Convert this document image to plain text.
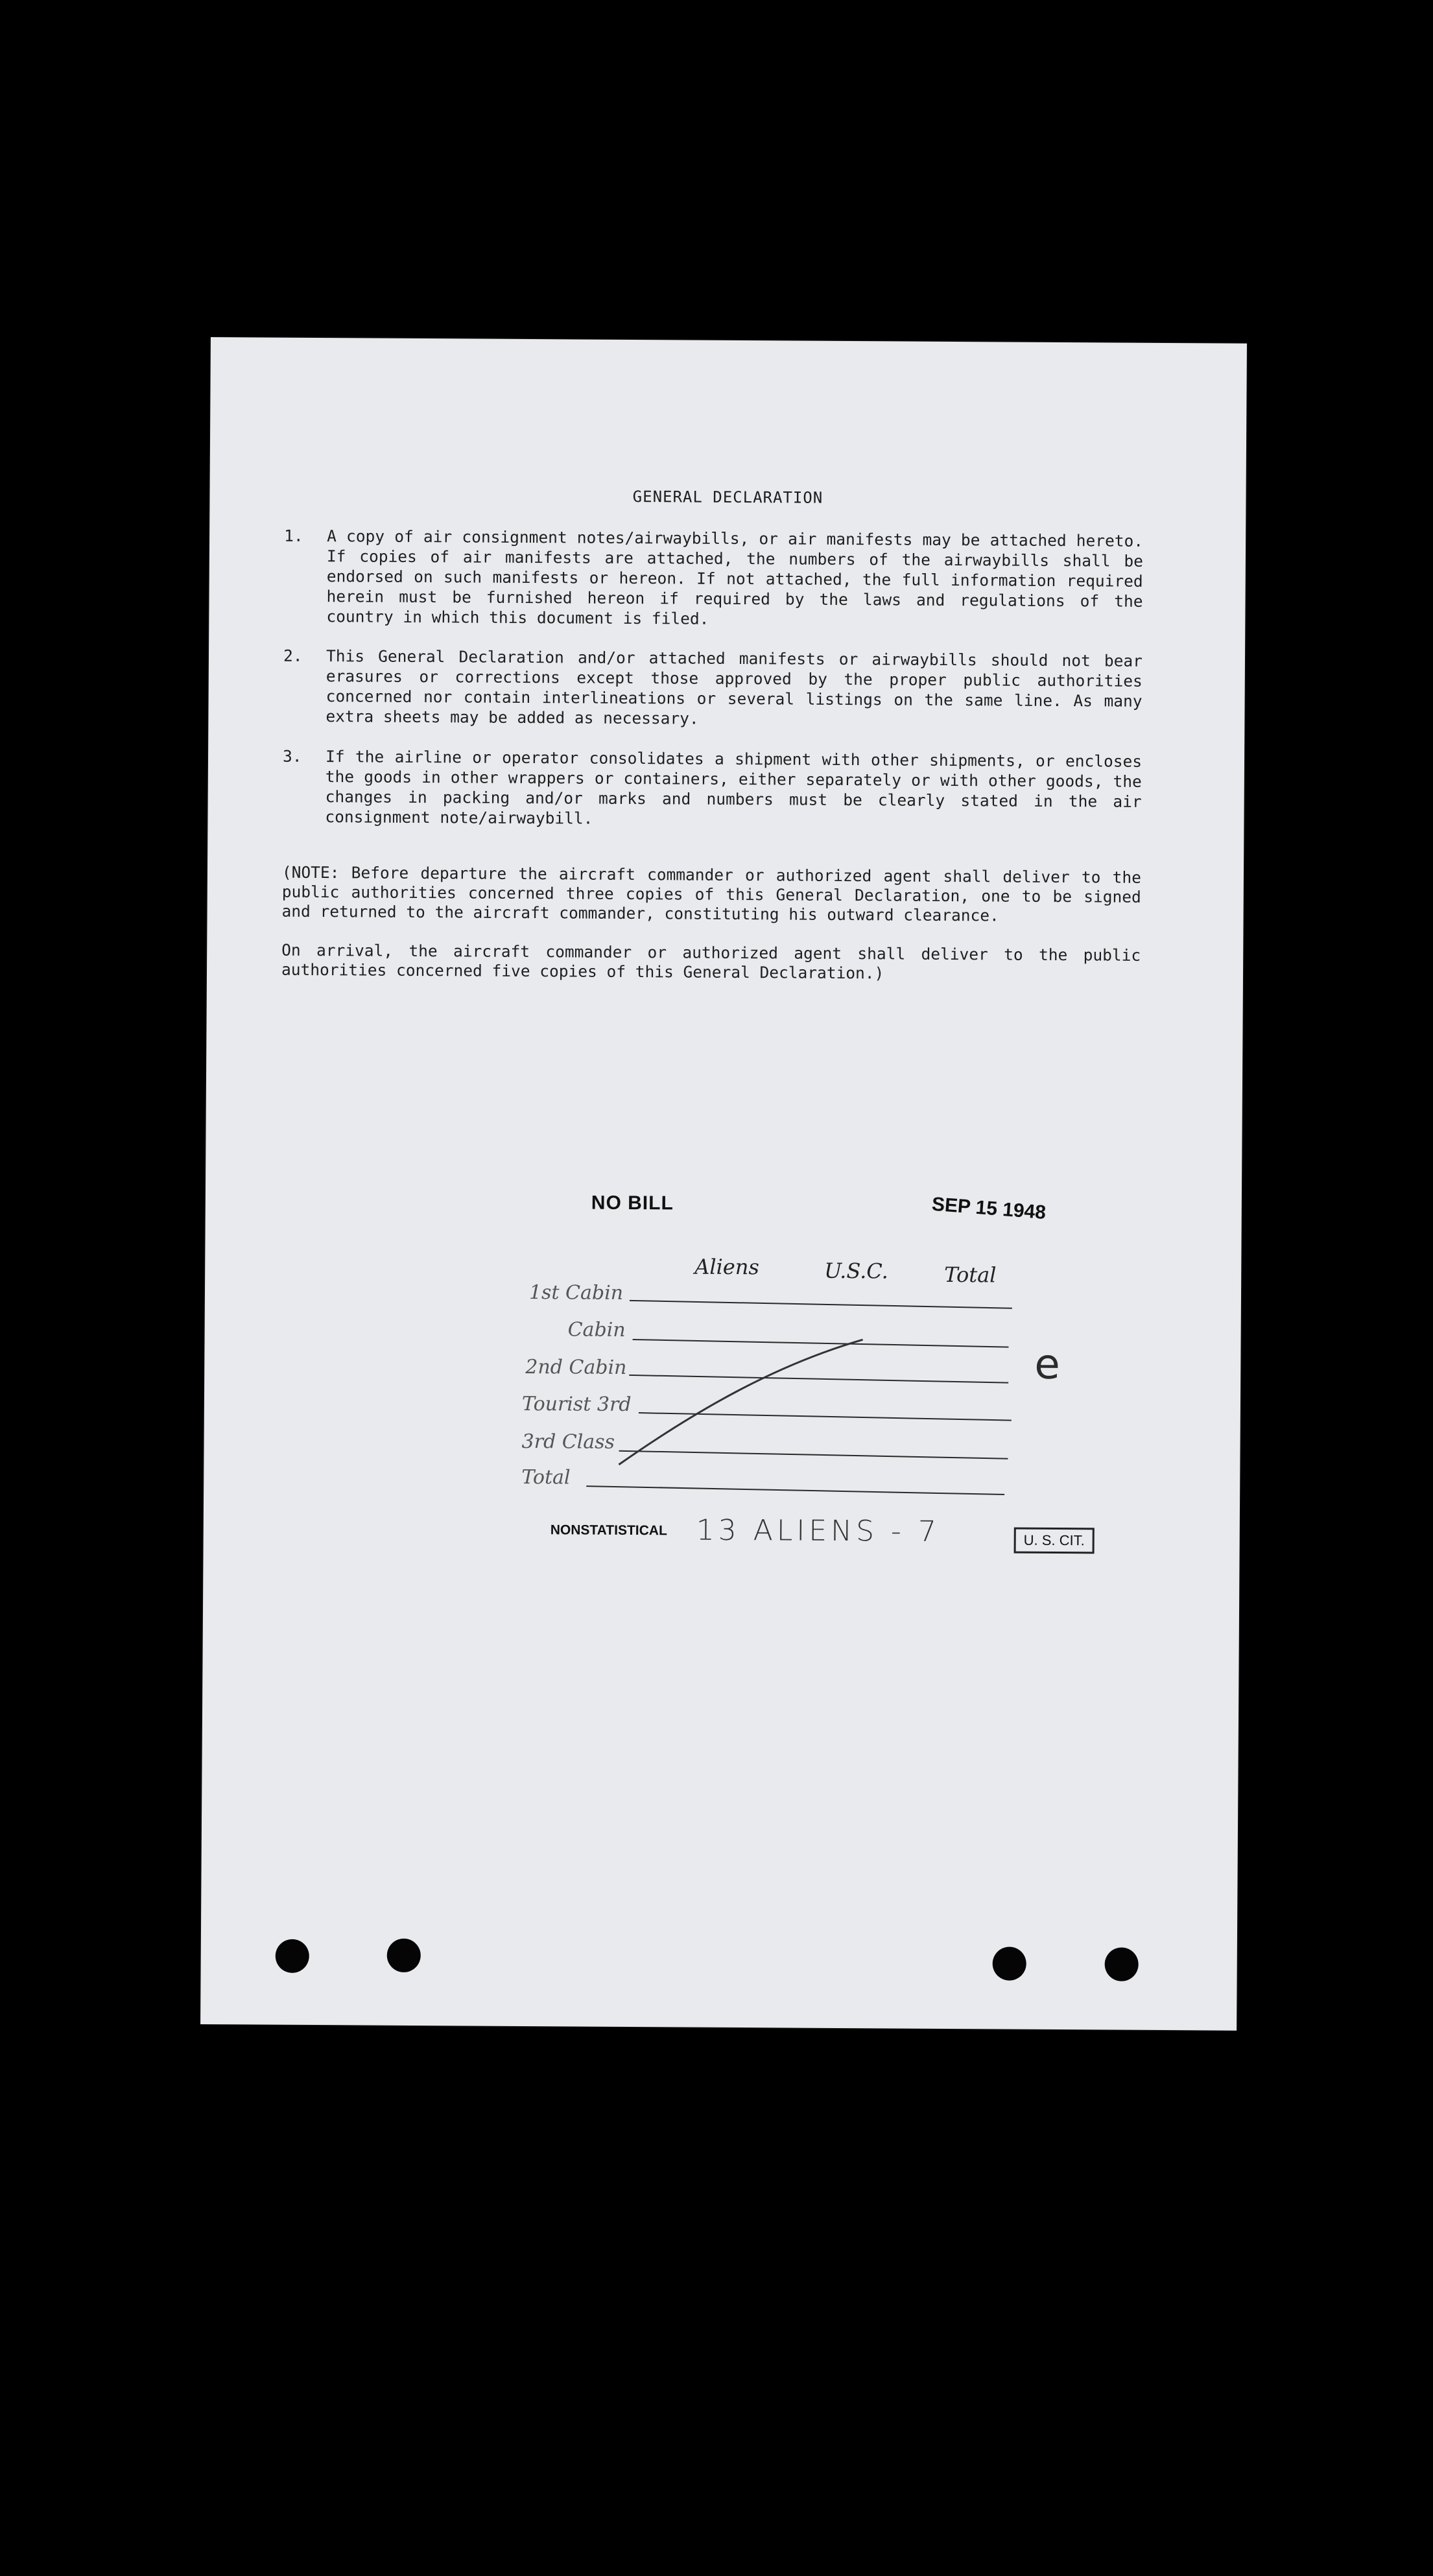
GENERAL DECLARATION
1. A copy of air consignment notes/airwaybills, or air manifests may be attached hereto. If copies of air manifests are attached, the numbers of the airwaybills shall be endorsed on such manifests or hereon. If not attached, the full information required herein must be furnished hereon if required by the laws and regulations of the country in which this document is filed.
2. This General Declaration and/or attached manifests or airwaybills should not bear erasures or corrections except those approved by the proper public authorities concerned nor contain interlineations or several listings on the same line. As many extra sheets may be added as necessary.
3. If the airline or operator consolidates a shipment with other shipments, or encloses the goods in other wrappers or containers, either separately or with other goods, the changes in packing and/or marks and numbers must be clearly stated in the air consignment note/airwaybill.
(NOTE: Before departure the aircraft commander or authorized agent shall deliver to the public authorities concerned three copies of this General Declaration, one to be signed and returned to the aircraft commander, constituting his outward clearance.
On arrival, the aircraft commander or authorized agent shall deliver to the public authorities concerned five copies of this General Declaration.)
NO BILL	SEP 15 1948
Aliens	U.S.C.	Total
1st Cabin
Cabin
2nd Cabin
Tourist 3rd
3rd Class
Total
e
NONSTATISTICAL 13 ALIENS - 7	U. S. CIT.
